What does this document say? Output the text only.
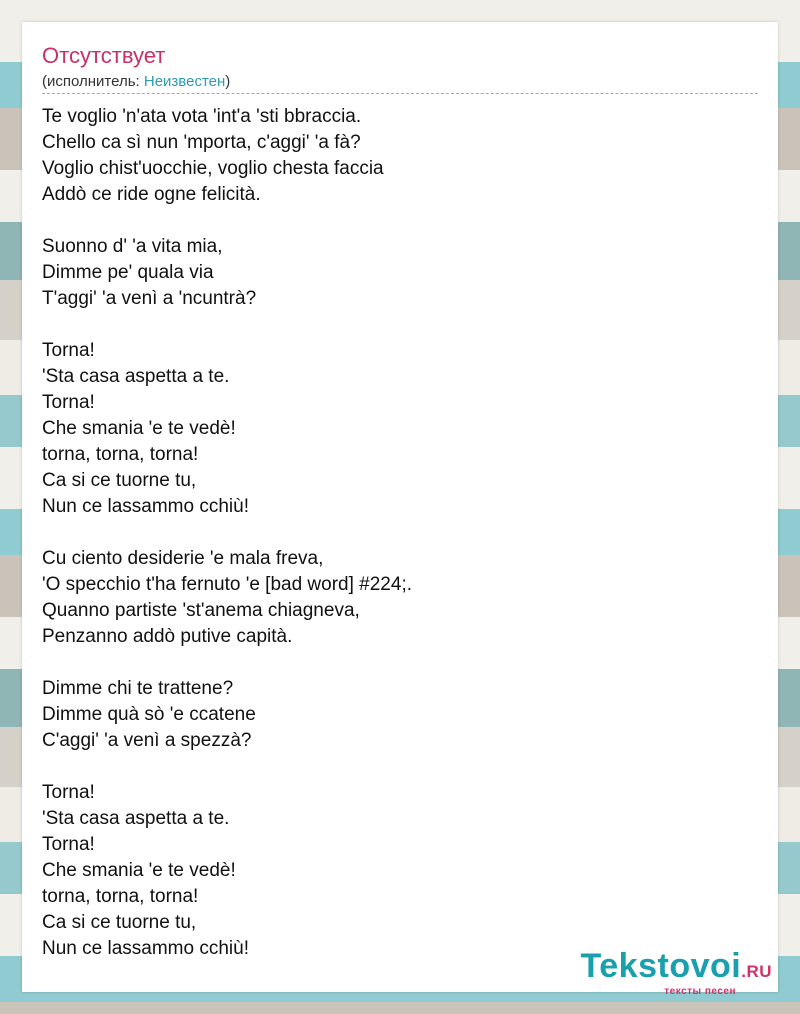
Отсутствует
(исполнитель: Неизвестен)
Te voglio 'n'ata vota 'int'a 'sti bbraccia.
Chello ca sì nun 'mporta, c'aggi' 'a fà?
Voglio chist'uocchie, voglio chesta faccia
Addò ce ride ogne felicità.
Suonno d' 'a vita mia,
Dimme pe' quala via
T'aggi' 'a venì a 'ncuntrà?
Torna!
'Sta casa aspetta a te.
Torna!
Che smania 'e te vedè!
torna, torna, torna!
Ca si ce tuorne tu,
Nun ce lassammo cchiù!
Cu ciento desiderie 'e mala freva,
'O specchio t'ha fernuto 'e [bad word] #224;.
Quanno partiste 'st'anema chiagneva,
Penzanno addò putive capità.
Dimme chi te trattene?
Dimme quà sò 'e ccatene
C'aggi' 'a venì a spezzà?
Torna!
'Sta casa aspetta a te.
Torna!
Che smania 'e te vedè!
torna, torna, torna!
Ca si ce tuorne tu,
Nun ce lassammo cchiù!	Tekstovoi.RU
тексты песен
